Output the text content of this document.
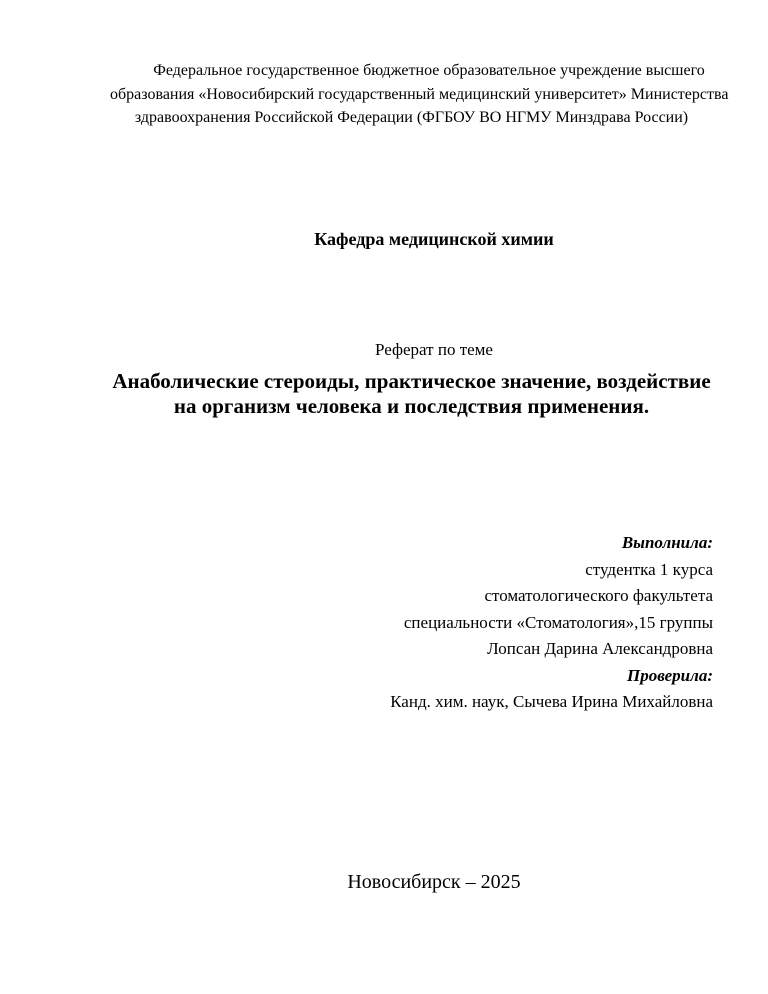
Федеральное государственное бюджетное образовательное учреждение высшего
образования «Новосибирский государственный медицинский университет» Министерства
здравоохранения Российской Федерации (ФГБОУ ВО НГМУ Минздрава России)
Кафедра медицинской химии
Реферат по теме
Анаболические стероиды, практическое значение, воздействие
на организм человека и последствия применения.
Выполнила:
студентка 1 курса
стоматологического факультета
специальности «Стоматология»,15 группы
Лопсан Дарина Александровна
Проверила:
Канд. хим. наук, Сычева Ирина Михайловна
Новосибирск – 2025
